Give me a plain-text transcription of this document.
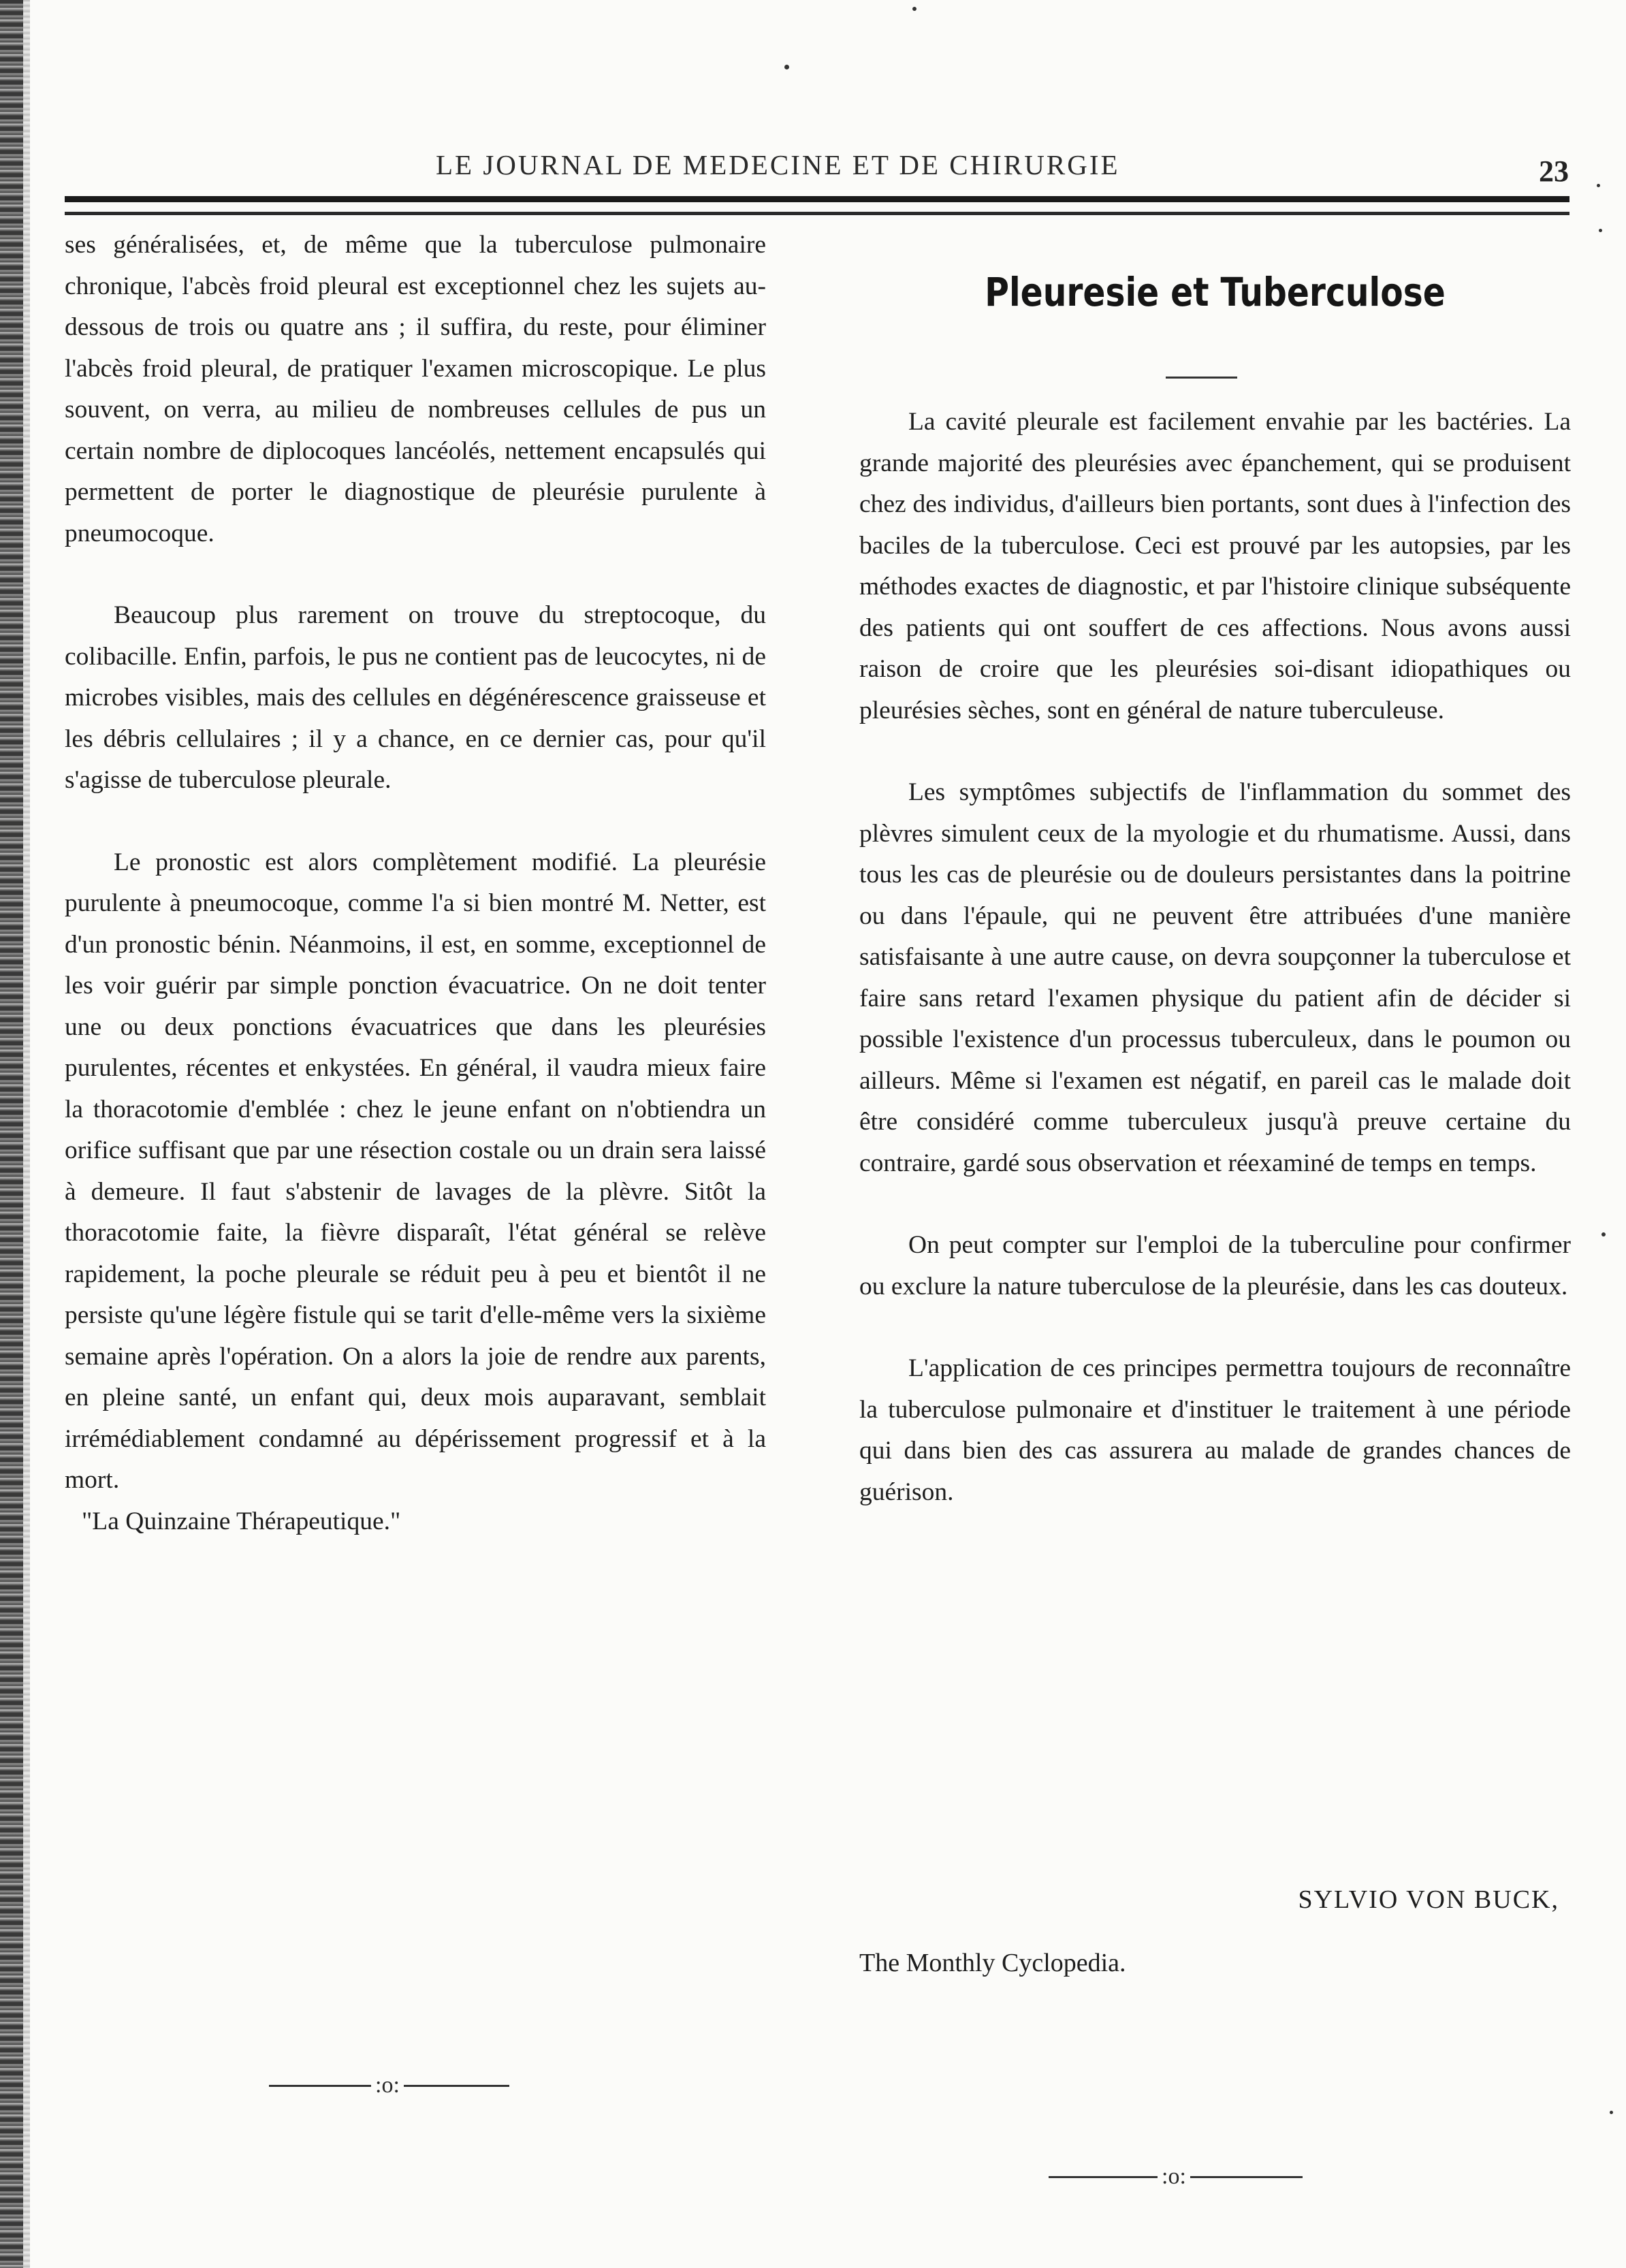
LE JOURNAL DE MEDECINE ET DE CHIRURGIE	23

ses généralisées, et, de même que la tuberculose pulmonaire chronique, l'abcès froid pleural est exceptionnel chez les sujets au-dessous de trois ou quatre ans ; il suffira, du reste, pour éliminer l'abcès froid pleural, de pratiquer l'examen microscopique. Le plus souvent, on verra, au milieu de nombreuses cellules de pus un certain nombre de diplocoques lancéolés, nettement encapsulés qui permettent de porter le diagnostique de pleurésie purulente à pneumocoque.

Beaucoup plus rarement on trouve du streptocoque, du colibacille. Enfin, parfois, le pus ne contient pas de leucocytes, ni de microbes visibles, mais des cellules en dégénérescence graisseuse et les débris cellulaires ; il y a chance, en ce dernier cas, pour qu'il s'agisse de tuberculose pleurale.

Le pronostic est alors complètement modifié. La pleurésie purulente à pneumocoque, comme l'a si bien montré M. Netter, est d'un pronostic bénin. Néanmoins, il est, en somme, exceptionnel de les voir guérir par simple ponction évacuatrice. On ne doit tenter une ou deux ponctions évacuatrices que dans les pleurésies purulentes, récentes et enkystées. En général, il vaudra mieux faire la thoracotomie d'emblée : chez le jeune enfant on n'obtiendra un orifice suffisant que par une résection costale ou un drain sera laissé à demeure. Il faut s'abstenir de lavages de la plèvre. Sitôt la thoracotomie faite, la fièvre disparaît, l'état général se relève rapidement, la poche pleurale se réduit peu à peu et bientôt il ne persiste qu'une légère fistule qui se tarit d'elle-même vers la sixième semaine après l'opération. On a alors la joie de rendre aux parents, en pleine santé, un enfant qui, deux mois auparavant, semblait irrémédiablement condamné au dépérissement progressif et à la mort.

"La Quinzaine Thérapeutique."
:o:
Pleuresie et Tuberculose

La cavité pleurale est facilement envahie par les bactéries. La grande majorité des pleurésies avec épanchement, qui se produisent chez des individus, d'ailleurs bien portants, sont dues à l'infection des baciles de la tuberculose. Ceci est prouvé par les autopsies, par les méthodes exactes de diagnostic, et par l'histoire clinique subséquente des patients qui ont souffert de ces affections. Nous avons aussi raison de croire que les pleurésies soi-disant idiopathiques ou pleurésies sèches, sont en général de nature tuberculeuse.

Les symptômes subjectifs de l'inflammation du sommet des plèvres simulent ceux de la myologie et du rhumatisme. Aussi, dans tous les cas de pleurésie ou de douleurs persistantes dans la poitrine ou dans l'épaule, qui ne peuvent être attribuées d'une manière satisfaisante à une autre cause, on devra soupçonner la tuberculose et faire sans retard l'examen physique du patient afin de décider si possible l'existence d'un processus tuberculeux, dans le poumon ou ailleurs. Même si l'examen est négatif, en pareil cas le malade doit être considéré comme tuberculeux jusqu'à preuve certaine du contraire, gardé sous observation et réexaminé de temps en temps.

On peut compter sur l'emploi de la tuberculine pour confirmer ou exclure la nature tuberculose de la pleurésie, dans les cas douteux.

L'application de ces principes permettra toujours de reconnaître la tuberculose pulmonaire et d'instituer le traitement à une période qui dans bien des cas assurera au malade de grandes chances de guérison.

SYLVIO VON BUCK,
The Monthly Cyclopedia.
:o:
